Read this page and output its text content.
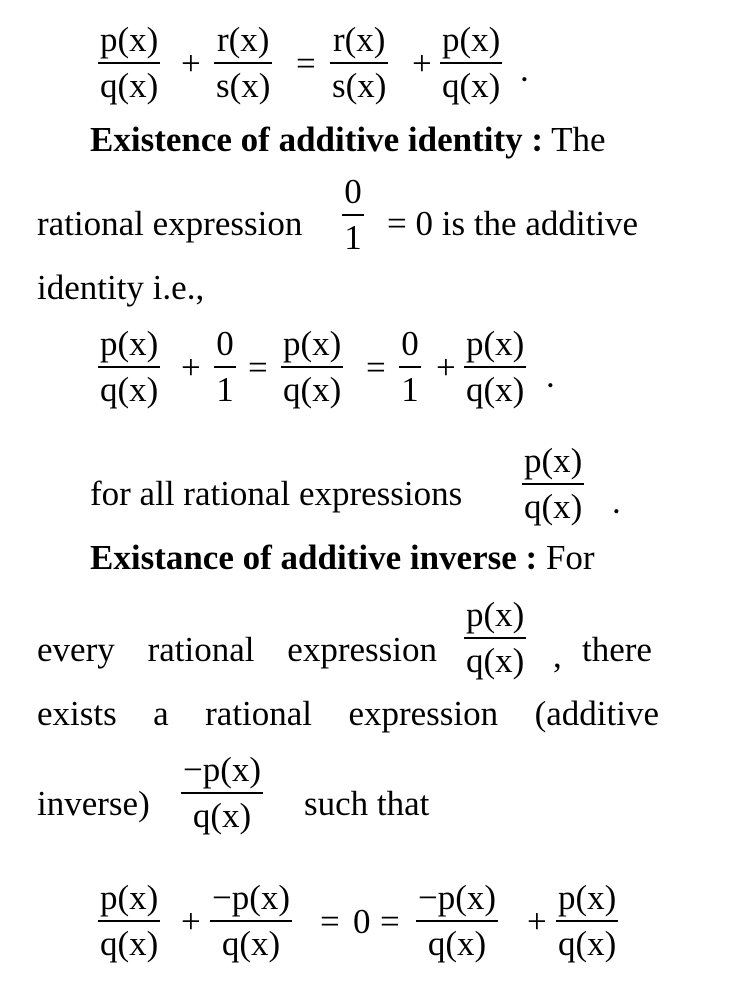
p(x)
q(x)
+
r(x)
s(x)
=
r(x)
s(x)
+
p(x)
q(x) .
Existence of additive identity : The
rational expression
0
1 = 0 is the additive
identity i.e.,
p(x)
q(x)
+
0
1
=
p(x)
q(x)
=
0
1
+
p(x)
q(x) .
for all rational expressions
p(x)
q(x) .
Existance of additive inverse : For
every rational expression
p(x)
q(x) , there
exists a rational expression (additive
inverse)
−p(x)
q(x) such that
p(x)
q(x)
+
−p(x)
q(x)
= 0 =
−p(x)
q(x)
+
p(x)
q(x)
